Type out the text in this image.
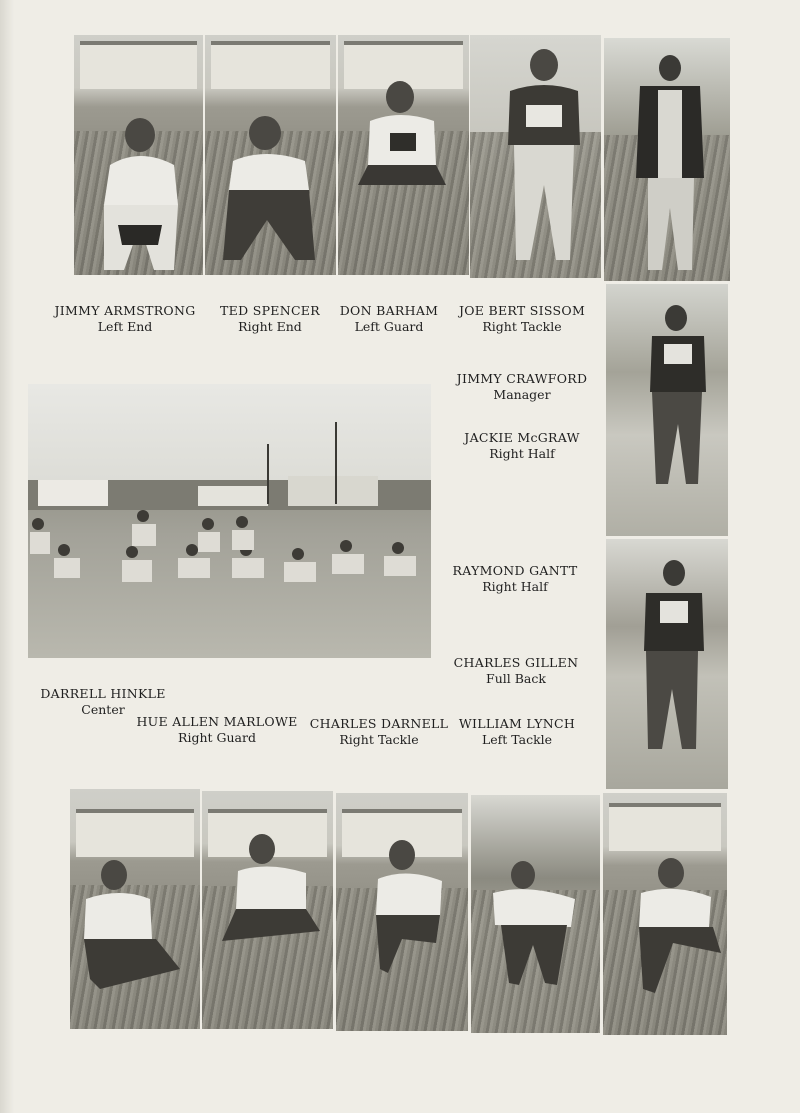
JIMMY ARMSTRONG
Left End
TED SPENCER
Right End
DON BARHAM
Left Guard
JOE BERT SISSOM
Right Tackle
JIMMY CRAWFORD
Manager
JACKIE McGRAW
Right Half
RAYMOND GANTT
Right Half
CHARLES GILLEN
Full Back
DARRELL HINKLE
Center
HUE ALLEN MARLOWE
Right Guard
CHARLES DARNELL
Right Tackle
WILLIAM LYNCH
Left Tackle
